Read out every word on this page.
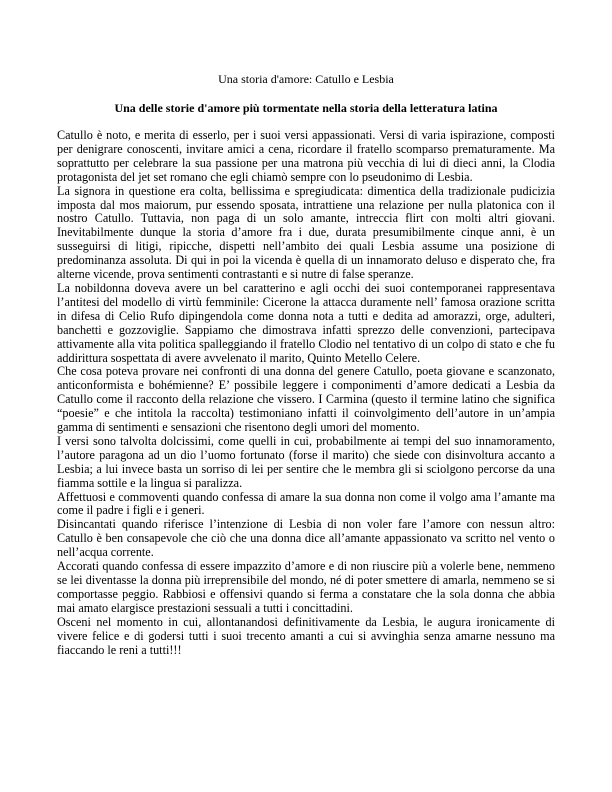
Una storia d'amore: Catullo e Lesbia
Una delle storie d'amore più tormentate nella storia della letteratura latina

Catullo è noto, e merita di esserlo, per i suoi versi appassionati. Versi di varia ispirazione, composti per denigrare conoscenti, invitare amici a cena, ricordare il fratello scomparso prematuramente. Ma soprattutto per celebrare la sua passione per una matrona più vecchia di lui di dieci anni, la Clodia protagonista del jet set romano che egli chiamò sempre con lo pseudonimo di Lesbia.

La signora in questione era colta, bellissima e spregiudicata: dimentica della tradizionale pudicizia imposta dal mos maiorum, pur essendo sposata, intrattiene una relazione per nulla platonica con il nostro Catullo. Tuttavia, non paga di un solo amante, intreccia flirt con molti altri giovani. Inevitabilmente dunque la storia d’amore fra i due, durata presumibilmente cinque anni, è un susseguirsi di litigi, ripicche, dispetti nell’ambito dei quali Lesbia assume una posizione di predominanza assoluta. Di qui in poi la vicenda è quella di un innamorato deluso e disperato che, fra alterne vicende, prova sentimenti contrastanti e si nutre di false speranze.

La nobildonna doveva avere un bel caratterino e agli occhi dei suoi contemporanei rappresentava l’antitesi del modello di virtù femminile: Cicerone la attacca duramente nell’ famosa orazione scritta in difesa di Celio Rufo dipingendola come donna nota a tutti e dedita ad amorazzi, orge, adulteri, banchetti e gozzoviglie. Sappiamo che dimostrava infatti sprezzo delle convenzioni, partecipava attivamente alla vita politica spalleggiando il fratello Clodio nel tentativo di un colpo di stato e che fu addirittura sospettata di avere avvelenato il marito, Quinto Metello Celere.

Che cosa poteva provare nei confronti di una donna del genere Catullo, poeta giovane e scanzonato, anticonformista e bohémienne? E’ possibile leggere i componimenti d’amore dedicati a Lesbia da Catullo come il racconto della relazione che vissero. I Carmina (questo il termine latino che significa “poesie” e che intitola la raccolta) testimoniano infatti il coinvolgimento dell’autore in un’ampia gamma di sentimenti e sensazioni che risentono degli umori del momento.

I versi sono talvolta dolcissimi, come quelli in cui, probabilmente ai tempi del suo innamoramento, l’autore paragona ad un dio l’uomo fortunato (forse il marito) che siede con disinvoltura accanto a Lesbia; a lui invece basta un sorriso di lei per sentire che le membra gli si sciolgono percorse da una fiamma sottile e la lingua si paralizza.

Affettuosi e commoventi quando confessa di amare la sua donna non come il volgo ama l’amante ma come il padre i figli e i generi.

Disincantati quando riferisce l’intenzione di Lesbia di non voler fare l’amore con nessun altro: Catullo è ben consapevole che ciò che una donna dice all’amante appassionato va scritto nel vento o nell’acqua corrente.

Accorati quando confessa di essere impazzito d’amore e di non riuscire più a volerle bene, nemmeno se lei diventasse la donna più irreprensibile del mondo, né di poter smettere di amarla, nemmeno se si comportasse peggio. Rabbiosi e offensivi quando si ferma a constatare che la sola donna che abbia mai amato elargisce prestazioni sessuali a tutti i concittadini.

Osceni nel momento in cui, allontanandosi definitivamente da Lesbia, le augura ironicamente di vivere felice e di godersi tutti i suoi trecento amanti a cui si avvinghia senza amarne nessuno ma fiaccando le reni a tutti!!!
